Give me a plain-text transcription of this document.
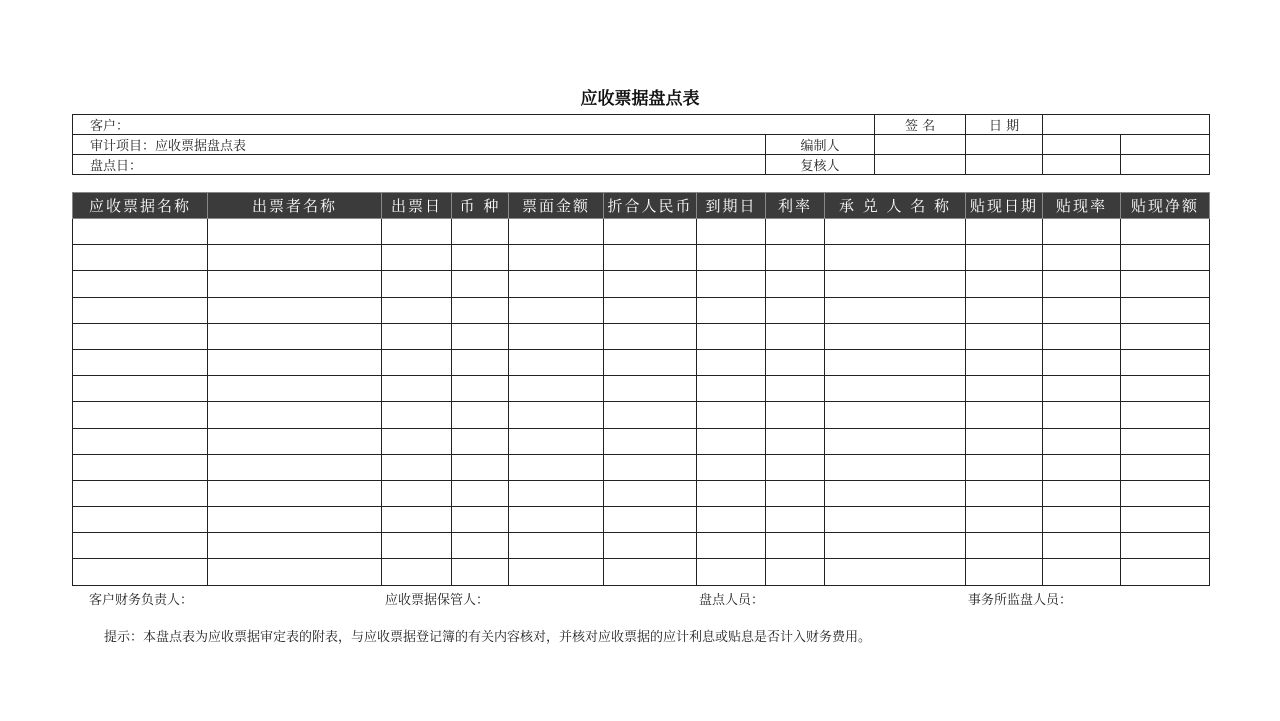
应收票据盘点表
客户：		签 名	日 期		
审计项目：应收票据盘点表	编制人				
盘点日：	复核人				
应收票据名称	出票者名称	出票日	币 种	票面金额	折合人民币	到期日	利率	承 兑 人 名 称	贴现日期	贴现率	贴现净额

客户财务负责人：	应收票据保管人：	盘点人员：	事务所监盘人员：
提示：本盘点表为应收票据审定表的附表，与应收票据登记簿的有关内容核对，并核对应收票据的应计利息或贴息是否计入财务费用。
